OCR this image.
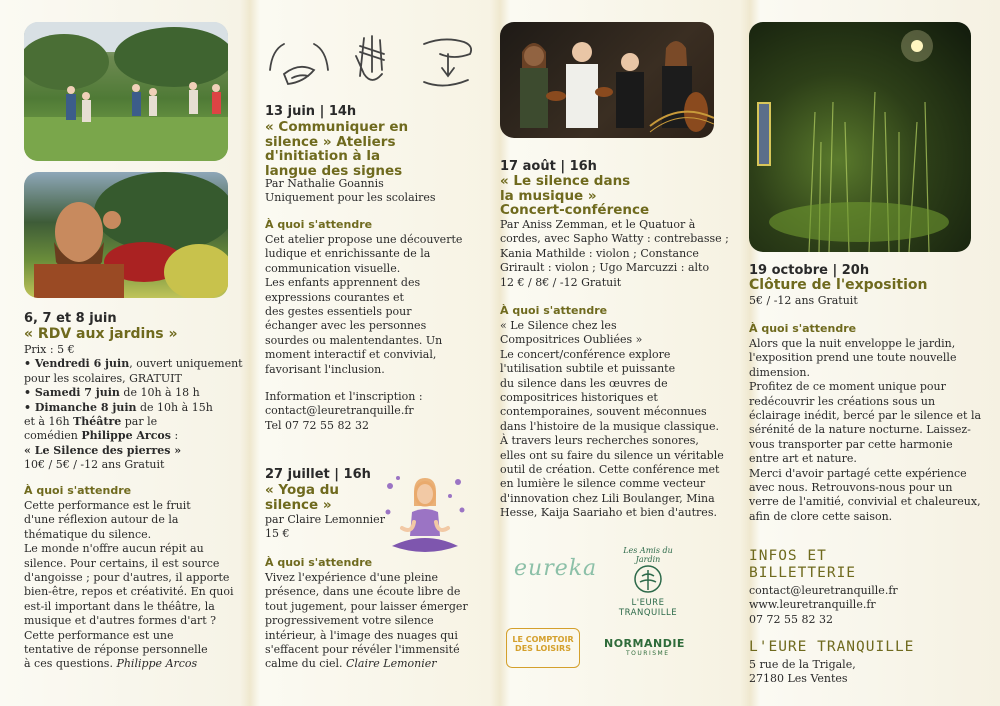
6, 7 et 8 juin
« RDV aux jardins »
Prix : 5 €
• Vendredi 6 juin, ouvert uniquement
pour les scolaires, GRATUIT
• Samedi 7 juin de 10h à 18 h
• Dimanche 8 juin de 10h à 15h
et à 16h Théâtre par le
comédien Philippe Arcos :
« Le Silence des pierres »
10€ / 5€ / -12 ans Gratuit
À quoi s'attendre
Cette performance est le fruit
d'une réflexion autour de la
thématique du silence.
Le monde n'offre aucun répit au
silence. Pour certains, il est source
d'angoisse ; pour d'autres, il apporte
bien-être, repos et créativité. En quoi
est-il important dans le théâtre, la
musique et d'autres formes d'art ?
Cette performance est une
tentative de réponse personnelle
à ces questions. Philippe Arcos
13 juin | 14h
« Communiquer en
silence » Ateliers
d'initiation à la
langue des signes
Par Nathalie Goannis
Uniquement pour les scolaires
À quoi s'attendre
Cet atelier propose une découverte
ludique et enrichissante de la
communication visuelle.
Les enfants apprennent des
expressions courantes et
des gestes essentiels pour
échanger avec les personnes
sourdes ou malentendantes. Un
moment interactif et convivial,
favorisant l'inclusion.
Information et l'inscription :
contact@leuretranquille.fr
Tel 07 72 55 82 32
27 juillet | 16h
« Yoga du
silence »
par Claire Lemonnier
15 €
À quoi s'attendre
Vivez l'expérience d'une pleine
présence, dans une écoute libre de
tout jugement, pour laisser émerger
progressivement votre silence
intérieur, à l'image des nuages qui
s'effacent pour révéler l'immensité
calme du ciel. Claire Lemonier
17 août | 16h
« Le silence dans
la musique »
Concert-conférence
Par Aniss Zemman, et le Quatuor à
cordes, avec Sapho Watty : contrebasse ;
Kania Mathilde : violon ; Constance
Grirault : violon ; Ugo Marcuzzi : alto
12 € / 8€ / -12 Gratuit
À quoi s'attendre
« Le Silence chez les
Compositrices Oubliées »
Le concert/conférence explore
l'utilisation subtile et puissante
du silence dans les œuvres de
compositrices historiques et
contemporaines, souvent méconnues
dans l'histoire de la musique classique.
À travers leurs recherches sonores,
elles ont su faire du silence un véritable
outil de création. Cette conférence met
en lumière le silence comme vecteur
d'innovation chez Lili Boulanger, Mina
Hesse, Kaija Saariaho et bien d'autres.
eureka
Les Amis du Jardin
L'EURE
TRANQUILLE
LE COMPTOIR
DES LOISIRS	NORMANDIE
TOURISME
19 octobre | 20h
Clôture de l'exposition
5€ / -12 ans Gratuit
À quoi s'attendre
Alors que la nuit enveloppe le jardin,
l'exposition prend une toute nouvelle
dimension.
Profitez de ce moment unique pour
redécouvrir les créations sous un
éclairage inédit, bercé par le silence et la
sérénité de la nature nocturne. Laissez-
vous transporter par cette harmonie
entre art et nature.
Merci d'avoir partagé cette expérience
avec nous. Retrouvons-nous pour un
verre de l'amitié, convivial et chaleureux,
afin de clore cette saison.
INFOS ET
BILLETTERIE
contact@leuretranquille.fr
www.leuretranquille.fr
07 72 55 82 32
L'EURE TRANQUILLE
5 rue de la Trigale,
27180 Les Ventes
